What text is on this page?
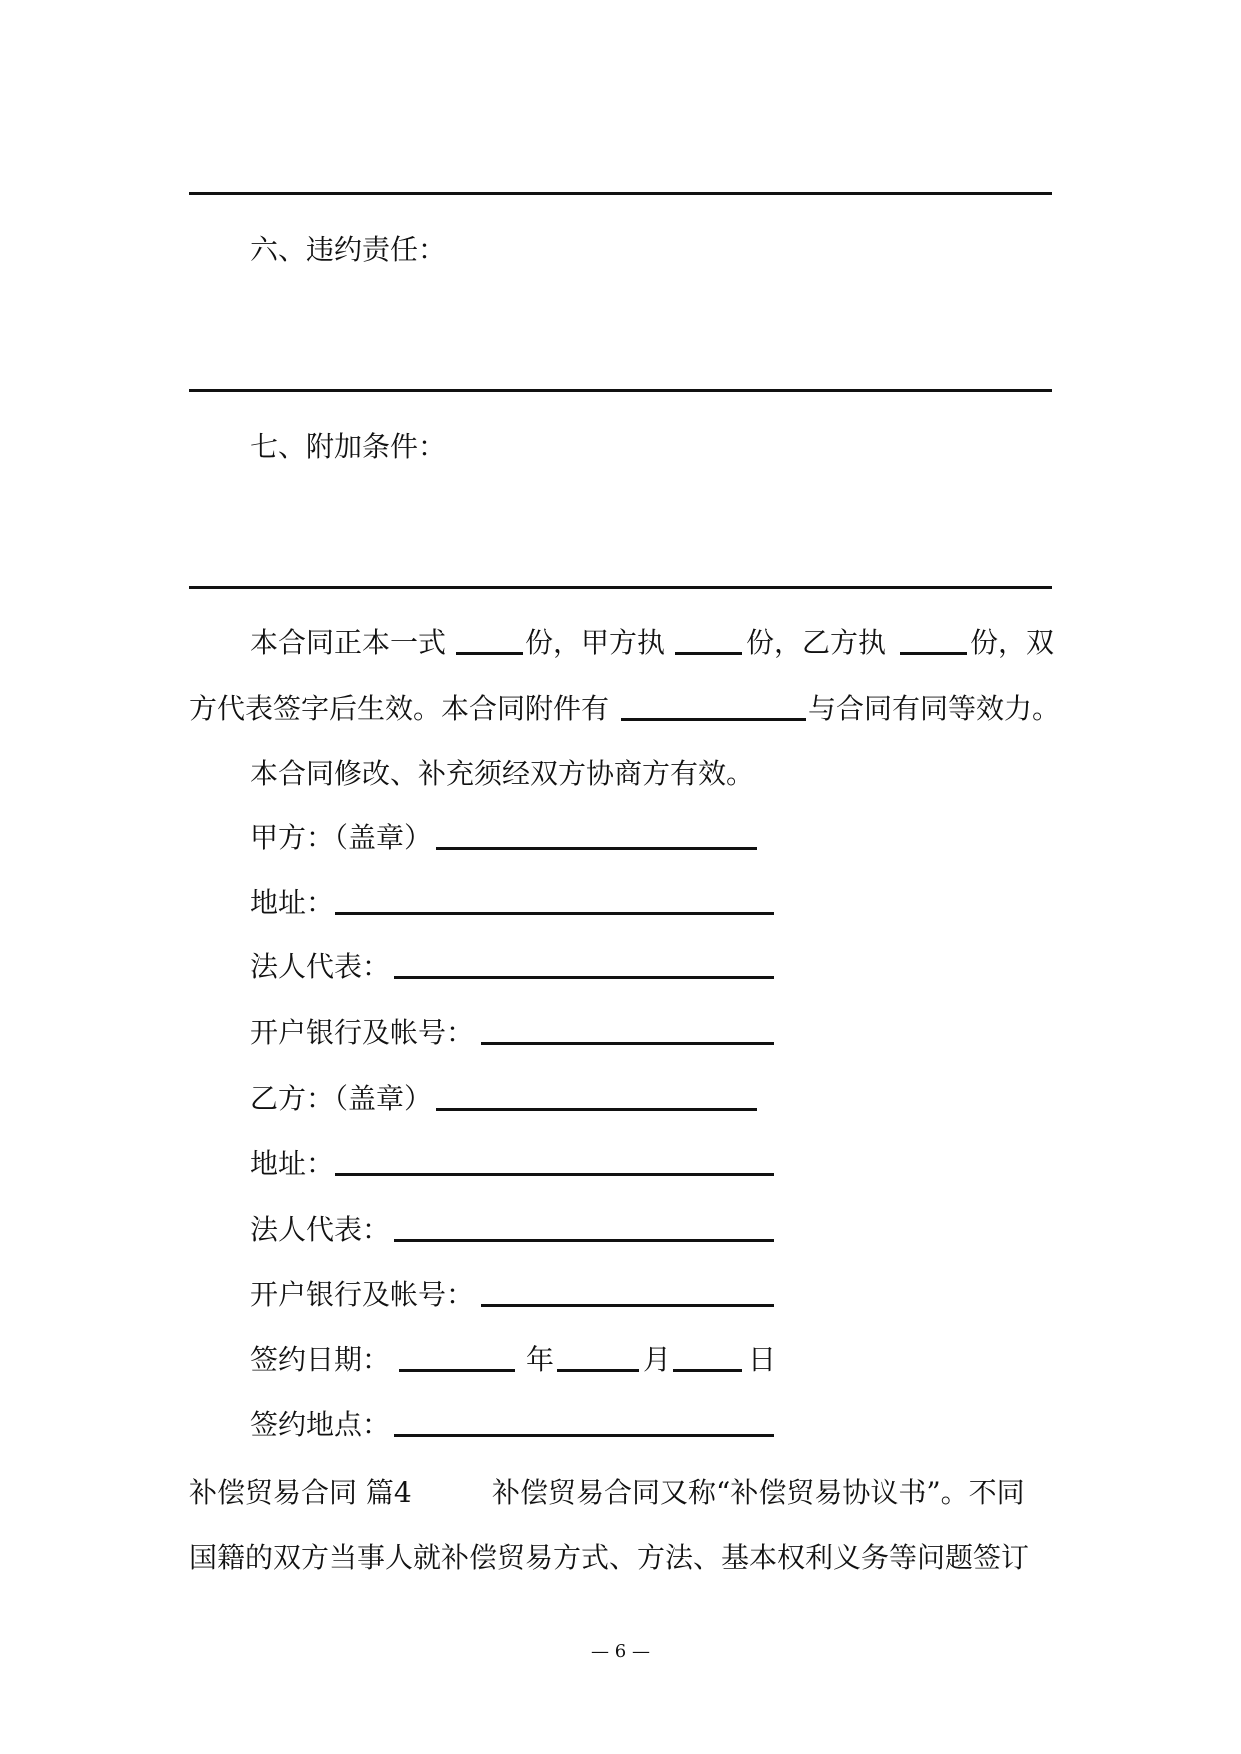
六、违约责任：
七、附加条件：
本合同正本一式	份，甲方执	份，乙方执	份，双
方代表签字后生效。本合同附件有	与合同有同等效力。
本合同修改、补充须经双方协商方有效。
甲方：（盖章）
地址：
法人代表：
开户银行及帐号：
乙方：（盖章）
地址：
法人代表：
开户银行及帐号：
签约日期：	年	月	日
签约地点：
补偿贸易合同 篇4	补偿贸易合同又称“补偿贸易协议书”。不同
国籍的双方当事人就补偿贸易方式、方法、基本权利义务等问题签订
— 6 —
